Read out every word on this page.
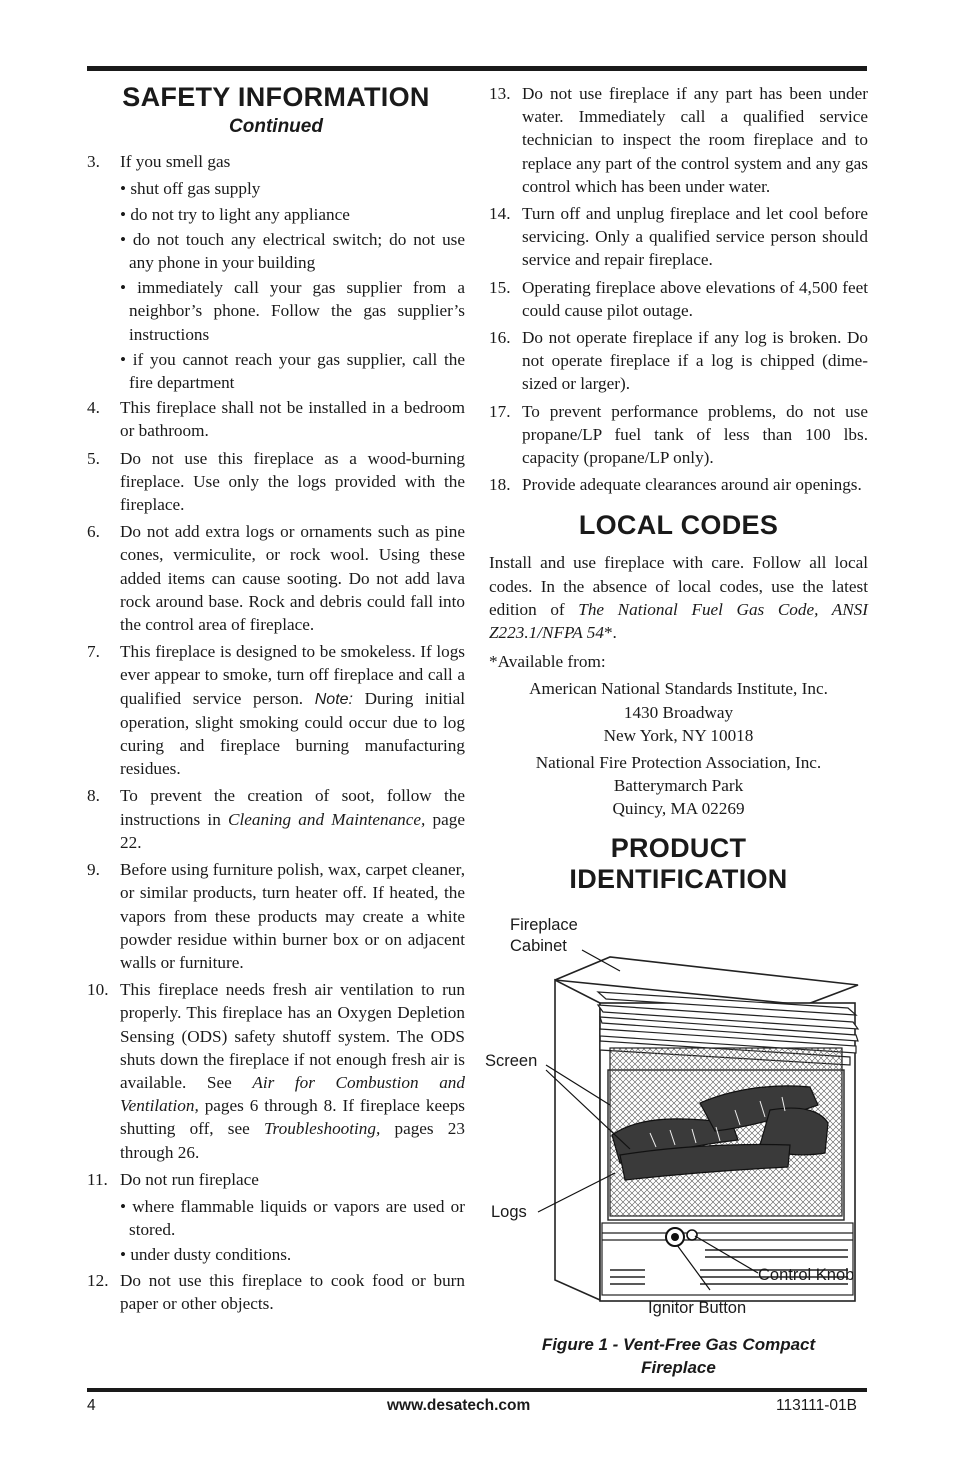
SAFETY INFORMATION
Continued
3.	If you smell gas
• shut off gas supply
• do not try to light any appliance
• do not touch any electrical switch; do not use any phone in your building
• immediately call your gas supplier from a neighbor’s phone. Follow the gas supplier’s instructions
• if you cannot reach your gas supplier, call the fire department
4.	This fireplace shall not be installed in a bedroom or bathroom.
5.	Do not use this fireplace as a wood-burning fireplace. Use only the logs provided with the fireplace.
6.	Do not add extra logs or ornaments such as pine cones, vermiculite, or rock wool. Using these added items can cause sooting. Do not add lava rock around base. Rock and debris could fall into the control area of fireplace.
7.	This fireplace is designed to be smokeless. If logs ever appear to smoke, turn off fireplace and call a qualified service person. Note: During initial operation, slight smoking could occur due to log curing and fireplace burning manufacturing residues.
8.	To prevent the creation of soot, follow the instructions in Cleaning and Maintenance, page 22.
9.	Before using furniture polish, wax, carpet cleaner, or similar products, turn heater off. If heated, the vapors from these products may create a white powder residue within burner box or on adjacent walls or furniture.
10. This fireplace needs fresh air ventilation to run properly. This fireplace has an Oxygen Depletion Sensing (ODS) safety shutoff system. The ODS shuts down the fireplace if not enough fresh air is available. See Air for Combustion and Ventilation, pages 6 through 8. If fireplace keeps shutting off, see Troubleshooting, pages 23 through 26.
11. Do not run fireplace
• where flammable liquids or vapors are used or stored.
• under dusty conditions.
12. Do not use this fireplace to cook food or burn paper or other objects.
13. Do not use fireplace if any part has been under water. Immediately call a qualified service technician to inspect the room fireplace and to replace any part of the control system and any gas control which has been under water.
14. Turn off and unplug fireplace and let cool before servicing. Only a qualified service person should service and repair fireplace.
15. Operating fireplace above elevations of 4,500 feet could cause pilot outage.
16. Do not operate fireplace if any log is broken. Do not operate fireplace if a log is chipped (dime-sized or larger).
17. To prevent performance problems, do not use propane/LP fuel tank of less than 100 lbs. capacity (propane/LP only).
18. Provide adequate clearances around air openings.
LOCAL CODES
Install and use fireplace with care. Follow all local codes. In the absence of local codes, use the latest edition of The National Fuel Gas Code, ANSI Z223.1/NFPA 54*.
*Available from:
American National Standards Institute, Inc.
1430 Broadway
New York, NY 10018
National Fire Protection Association, Inc.
Batterymarch Park
Quincy, MA 02269
PRODUCT
IDENTIFICATION
Fireplace
Cabinet
Screen
Logs
Control Knob
Ignitor Button
Figure 1 - Vent-Free Gas Compact
Fireplace
4	www.desatech.com	113111-01B
